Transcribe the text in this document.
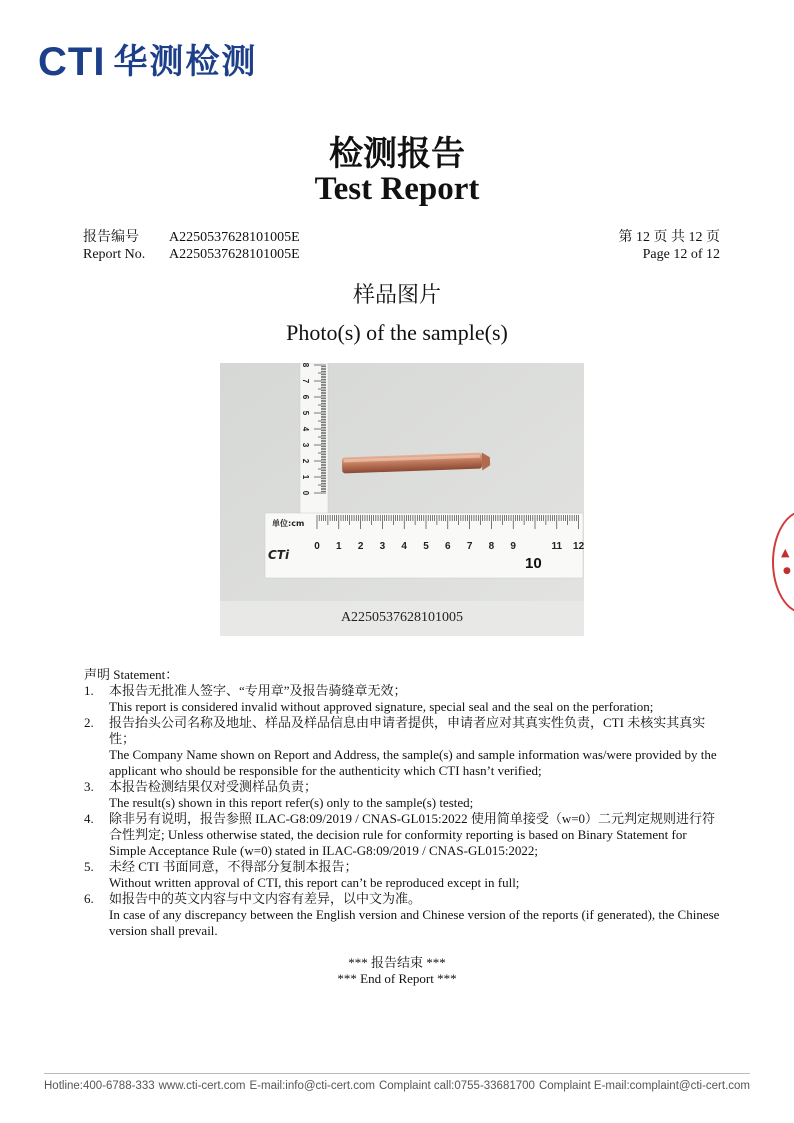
CTI 华测检测
检测报告
Test Report
报告编号 A2250537628101005E
Report No. A2250537628101005E
第 12 页 共 12 页
Page 12 of 12
样品图片
Photo(s) of the sample(s)
0
1
2
3
4
5
6
7
8
0 1 2 3 4 5 6 7 8 9	11 12
单位:cm
CTi	10
A2250537628101005
▲
●
声明 Statement：
1.	本报告无批准人签字、“专用章”及报告骑缝章无效；
This report is considered invalid without approved signature, special seal and the seal on the perforation;
2.	报告抬头公司名称及地址、样品及样品信息由申请者提供，申请者应对其真实性负责，CTI 未核实其真实性；
The Company Name shown on Report and Address, the sample(s) and sample information was/were provided by the applicant who should be responsible for the authenticity which CTI hasn’t verified;
3.	本报告检测结果仅对受测样品负责；
The result(s) shown in this report refer(s) only to the sample(s) tested;
4.	除非另有说明，报告参照 ILAC-G8:09/2019 / CNAS-GL015:2022 使用简单接受（w=0）二元判定规则进行符合性判定; Unless otherwise stated, the decision rule for conformity reporting is based on Binary Statement for Simple Acceptance Rule (w=0) stated in ILAC-G8:09/2019 / CNAS-GL015:2022;
5.	未经 CTI 书面同意，不得部分复制本报告；
Without written approval of CTI, this report can’t be reproduced except in full;
6.	如报告中的英文内容与中文内容有差异，以中文为准。
In case of any discrepancy between the English version and Chinese version of the reports (if generated), the Chinese version shall prevail.
*** 报告结束 ***
*** End of Report ***
Hotline:400-6788-333 www.cti-cert.com E-mail:info@cti-cert.com Complaint call:0755-33681700 Complaint E-mail:complaint@cti-cert.com
